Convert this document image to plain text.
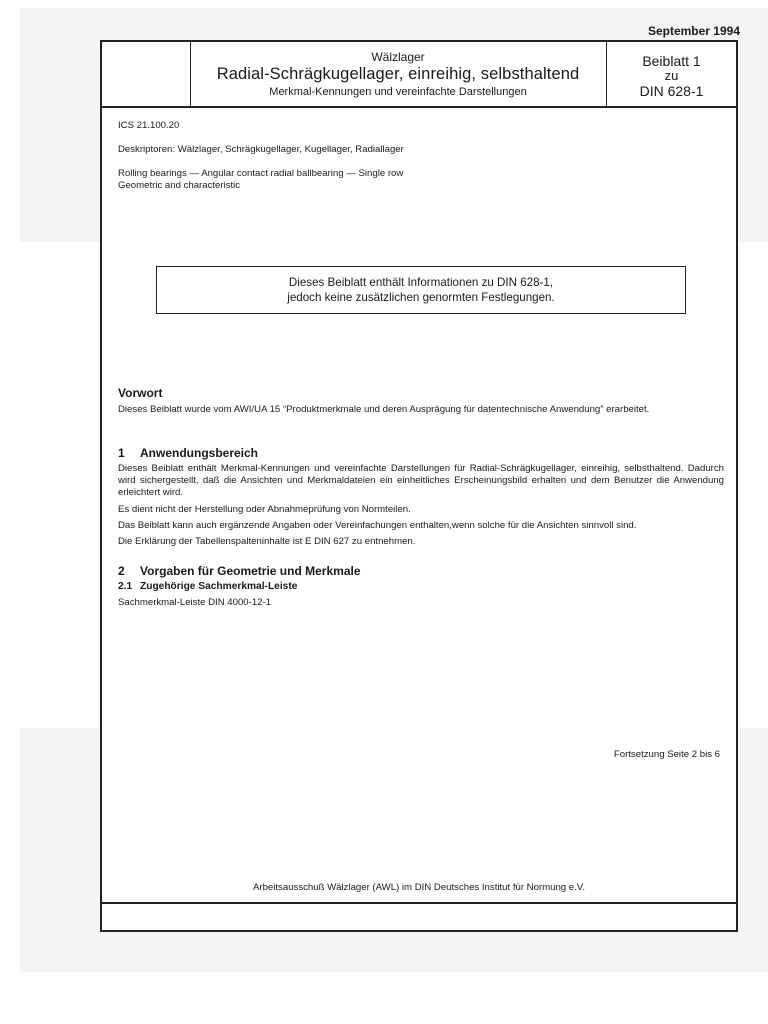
September 1994
Wälzlager
Radial-Schrägkugellager, einreihig, selbsthaltend
Merkmal-Kennungen und vereinfachte Darstellungen
Beiblatt 1
zu
DIN 628-1
ICS 21.100.20
Deskriptoren: Wälzlager, Schrägkugellager, Kugellager, Radiallager
Rolling bearings — Angular contact radial ballbearing — Single row
Geometric and characteristic
Dieses Beiblatt enthält Informationen zu DIN 628-1,
jedoch keine zusätzlichen genormten Festlegungen.
Vorwort
Dieses Beiblatt wurde vom AWI/UA 15 “Produktmerkmale und deren Ausprägung für datentechnische Anwendung” erarbeitet.
1 Anwendungsbereich
Dieses Beiblatt enthält Merkmal-Kennungen und vereinfachte Darstellungen für Radial-Schrägkugellager, einreihig, selbsthaltend. Dadurch wird sichergestellt, daß die Ansichten und Merkmaldateien ein einheitliches Erscheinungsbild erhalten und dem Benutzer die Anwendung erleichtert wird.
Es dient nicht der Herstellung oder Abnahmeprüfung von Normteilen.
Das Beiblatt kann auch ergänzende Angaben oder Vereinfachungen enthalten,wenn solche für die Ansichten sinnvoll sind.
Die Erklärung der Tabellenspalteninhalte ist E DIN 627 zu entnehmen.
2 Vorgaben für Geometrie und Merkmale
2.1 Zugehörige Sachmerkmal-Leiste
Sachmerkmal-Leiste DIN 4000-12-1
Fortsetzung Seite 2 bis 6
Arbeitsausschuß Wälzlager (AWL) im DIN Deutsches Institut für Normung e.V.
